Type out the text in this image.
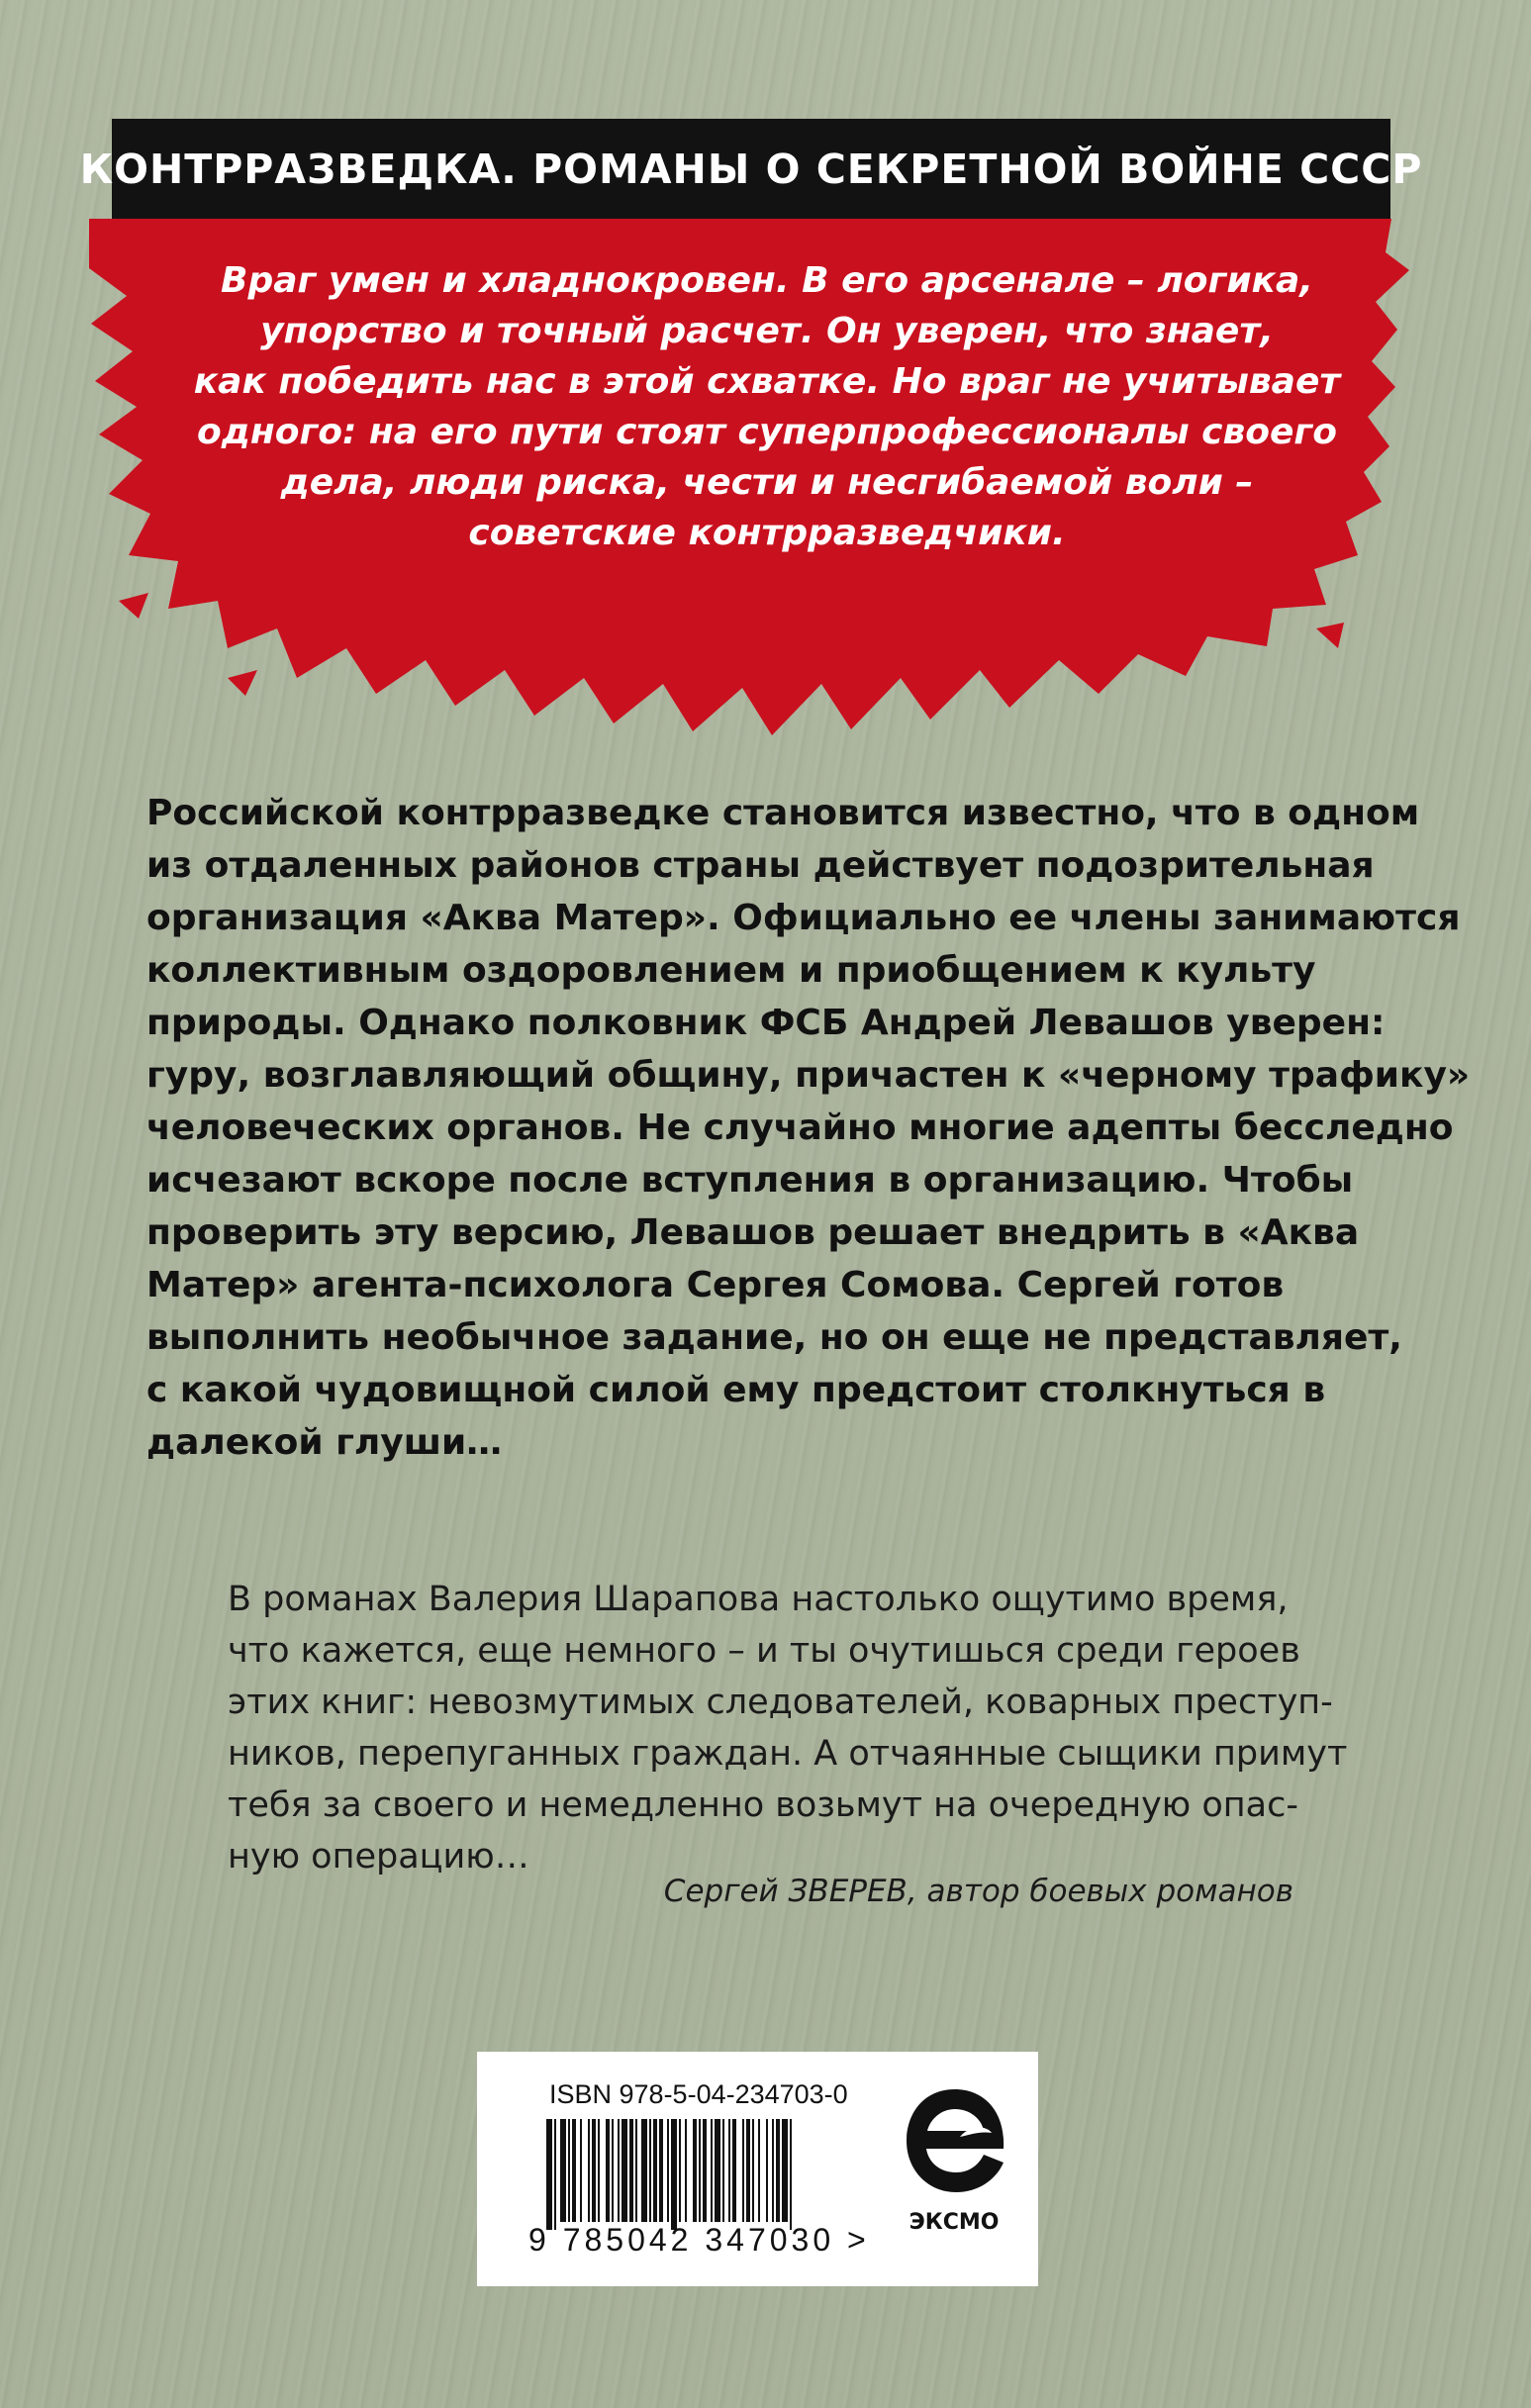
КОНТРРАЗВЕДКА. РОМАНЫ О СЕКРЕТНОЙ ВОЙНЕ СССР
Враг умен и хладнокровен. В его арсенале – логика,
упорство и точный расчет. Он уверен, что знает,
как победить нас в этой схватке. Но враг не учитывает
одного: на его пути стоят суперпрофессионалы своего
дела, люди риска, чести и несгибаемой воли –
советские контрразведчики.
Российской контрразведке становится известно, что в одном
из отдаленных районов страны действует подозрительная
организация «Аква Матер». Официально ее члены занимаются
коллективным оздоровлением и приобщением к культу
природы. Однако полковник ФСБ Андрей Левашов уверен:
гуру, возглавляющий общину, причастен к «черному трафику»
человеческих органов. Не случайно многие адепты бесследно
исчезают вскоре после вступления в организацию. Чтобы
проверить эту версию, Левашов решает внедрить в «Аква
Матер» агента-психолога Сергея Сомова. Сергей готов
выполнить необычное задание, но он еще не представляет,
с какой чудовищной силой ему предстоит столкнуться в
далекой глуши…
В романах Валерия Шарапова настолько ощутимо время,
что кажется, еще немного – и ты очутишься среди героев
этих книг: невозмутимых следователей, коварных преступ-
ников, перепуганных граждан. А отчаянные сыщики примут
тебя за своего и немедленно возьмут на очередную опас-
ную операцию…
Сергей ЗВЕРЕВ, автор боевых романов
ISBN 978-5-04-234703-0
9 785042 347030 >	ЭКСМО
